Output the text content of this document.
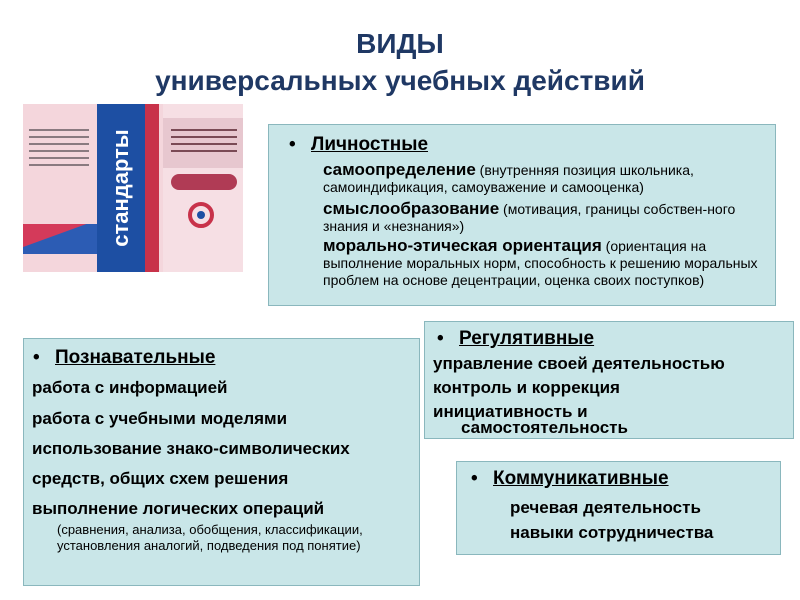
ВИДЫ
универсальных учебных действий
стандарты	• Личностные
самоопределение (внутренняя позиция школьника, самоиндификация, самоуважение и самооценка)
смыслообразование (мотивация, границы собствен-ного знания и «незнания»)
морально-этическая ориентация (ориентация на выполнение моральных норм, способность к решению моральных проблем на основе децентрации, оценка своих поступков)
• Познавательные
работа с информацией
работа с учебными моделями
использование знако-символических
средств, общих схем решения
выполнение логических операций
(сравнения, анализа, обобщения, классификации, установления аналогий, подведения под понятие)
• Регулятивные
управление своей деятельностью
контроль и коррекция
инициативность и
самостоятельность
• Коммуникативные
речевая деятельность
навыки сотрудничества
